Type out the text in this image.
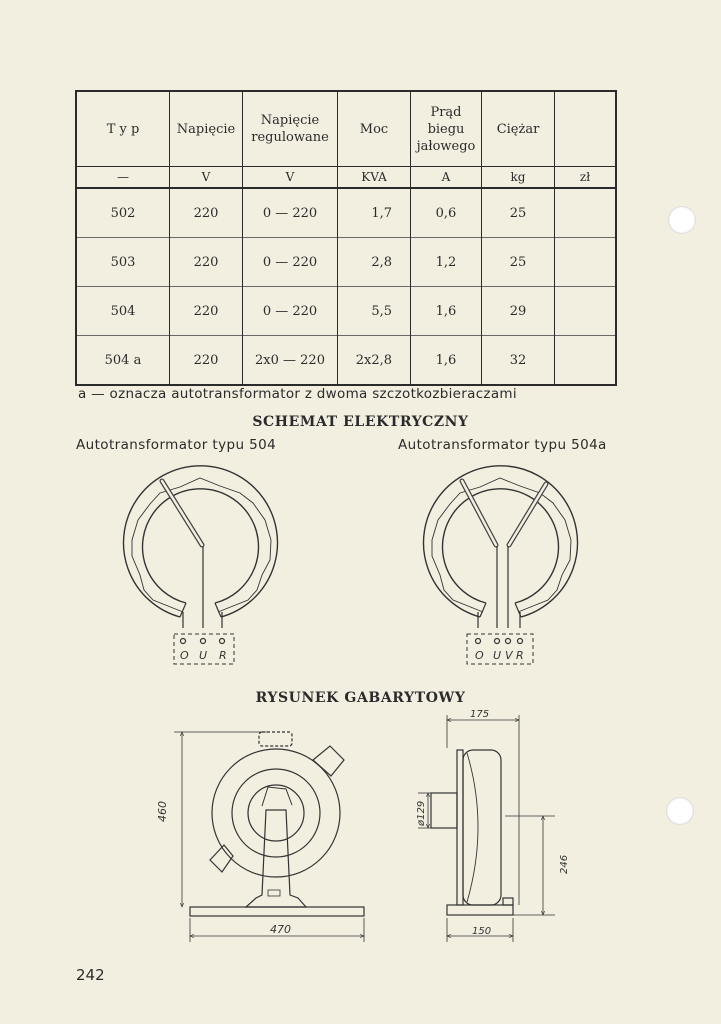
T y p	Napięcie	Napięcie regulowane	Moc	Prąd biegu jałowego	Ciężar	
—	V	V	KVA	A	kg	zł
502	220	0 — 220	1,7	0,6	25	
503	220	0 — 220	2,8	1,2	25	
504	220	0 — 220	5,5	1,6	29	
504 a	220	2x0 — 220	2x2,8	1,6	32	
a — oznacza autotransformator z dwoma szczotkozbieraczami
SCHEMAT ELEKTRYCZNY
Autotransformator typu 504	Autotransformator typu 504a
RYSUNEK GABARYTOWY
O U R	O U V R
460
470
175
ø129
246
150
242
